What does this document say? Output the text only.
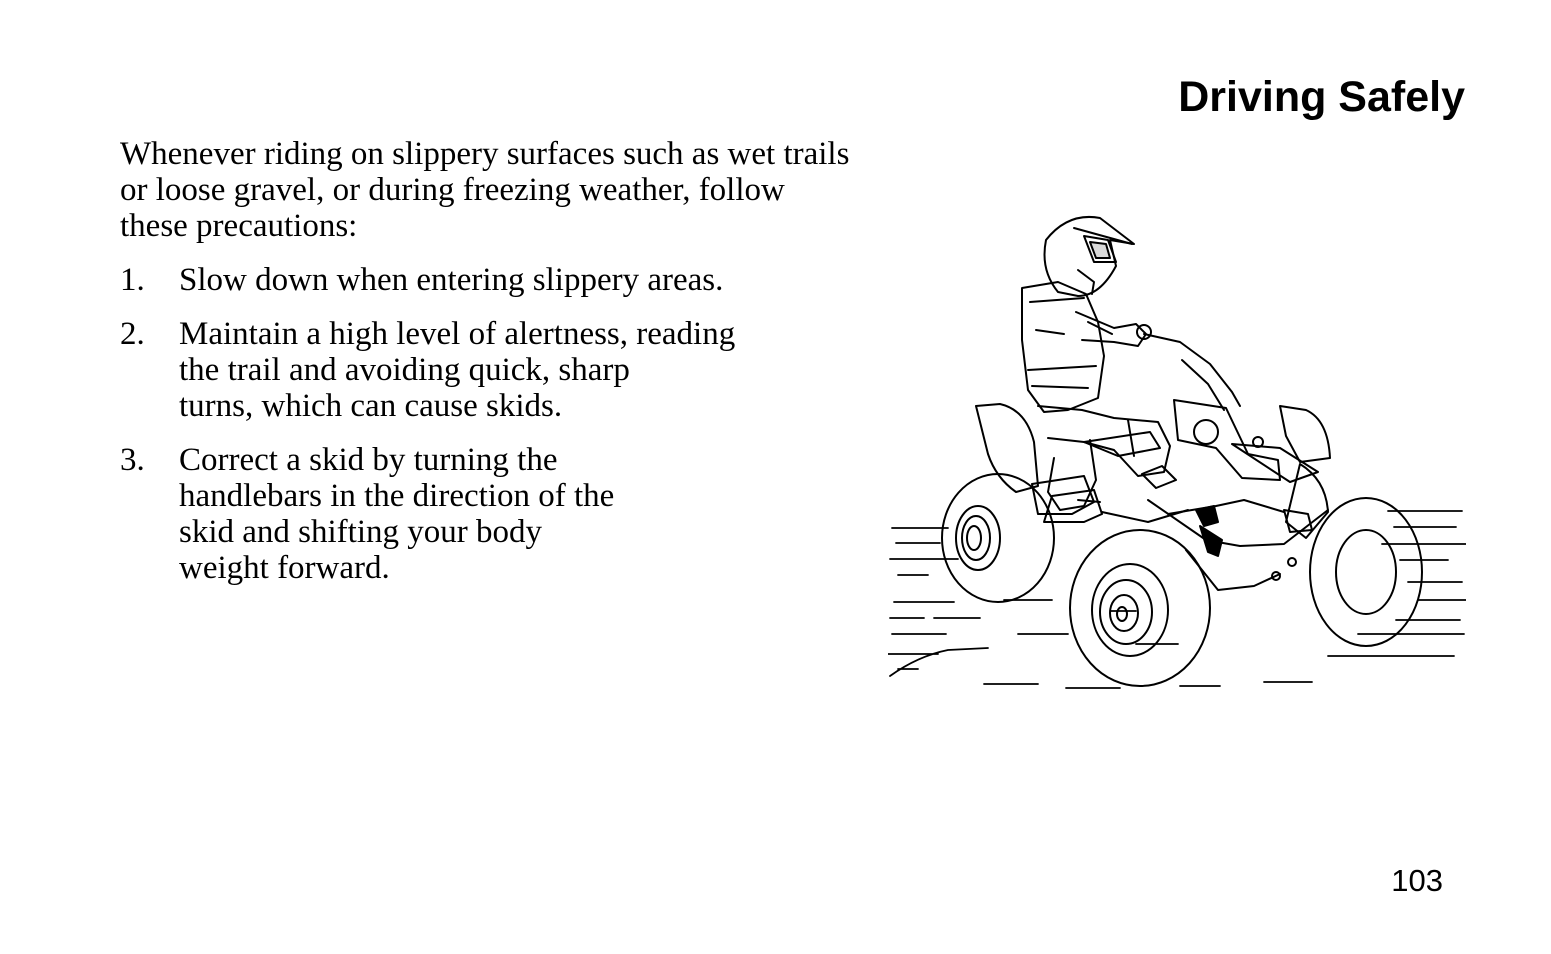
Driving Safely

Whenever riding on slippery surfaces such as wet trails
or loose gravel, or during freezing weather, follow
these precautions:

1. Slow down when entering slippery areas.
2. Maintain a high level of alertness, reading
the trail and avoiding quick, sharp
turns, which can cause skids.
3. Correct a skid by turning the
handlebars in the direction of the
skid and shifting your body
weight forward.
103
